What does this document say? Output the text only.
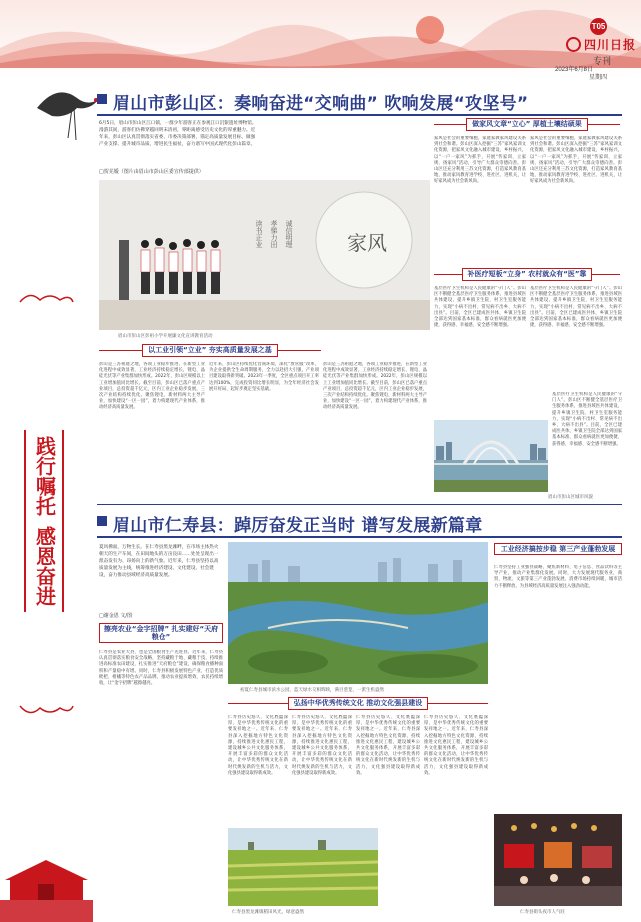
T05
四川日报
专刊
2023年6月8日
星期四
践行嘱托
感恩奋进
眉山市彭山区：奏响奋进“交响曲” 吹响发展“攻坚号”
6月5日，眉山市彭山区江口镇，一群少年游客正在参观江口沉银遗址博物馆。漫游其间，游客们仿佛穿越回明末清初，零距离感受历史文化的厚重魅力。近年来，彭山区认真贯彻落实省委、市委决策部署，锚定高质量发展目标，做强产业支撑、提升城市品质、增进民生福祉，奋力谱写中国式现代化彭山篇章。
□贺芜嫒（图片由眉山市彭山区委宣传部提供）
家风
读书正业 孝悌力田 诚信明理
眉山市彭山区彭祖小学开展廉文化宣讲教育活动
以工业引领“立业” 夯实高质量发展之基
彭山是三苏祖庭之地，各项工业稳步推进，在新型工业化进程中成效显著，工业经济持续稳定增长，锂电、晶硅光伏等产业集群加快形成。2022年，彭山区规模以上工业增加值同比增长。截至目前，彭山区已落户重点产业项目，总投资超千亿元，区内工业企业稳步发展，三次产业结构持续优化。聚焦锂电、新材料两大主导产业，加快建设“一区一园”，着力构建现代产业体系，推动经济高质量发展。
近年来，彭山区持续优化营商环境，深化“放管服”改革，为企业提供全生命周期服务，全力以赴招大引强，产业项目建设取得新突破。2023年一季度，全区重点项目开工率达到100%，完成投资同比增长明显，为全年经济社会发展开好局、起好步奠定坚实基础。
彭山是三苏祖庭之地，各项工业稳步推进，在新型工业化进程中成效显著，工业经济持续稳定增长，锂电、晶硅光伏等产业集群加快形成。2022年，彭山区规模以上工业增加值同比增长。截至目前，彭山区已落户重点产业项目，总投资超千亿元，区内工业企业稳步发展，三次产业结构持续优化。聚焦锂电、新材料两大主导产业，加快建设“一区一园”，着力构建现代产业体系，推动经济高质量发展。
做家风文章“立心” 厚植土壤结硕果
家风是社会的重要细胞，家庭家教家风建设关系到社会和谐。彭山区深入挖掘“三苏”家风家训文化资源，把家风文化融入城市建设、乡村振兴，以“一户一家风”为抓手，开展“传家训、立家规、扬家风”活动，引导广大群众崇德向善。彭山区还充分利用三苏文化资源，打造家风教育基地，推动家风教育进学校、进社区、进机关，让好家风成为社会新风尚。
家风是社会的重要细胞，家庭家教家风建设关系到社会和谐。彭山区深入挖掘“三苏”家风家训文化资源，把家风文化融入城市建设、乡村振兴，以“一户一家风”为抓手，开展“传家训、立家规、扬家风”活动，引导广大群众崇德向善。彭山区还充分利用三苏文化资源，打造家风教育基地，推动家风教育进学校、进社区、进机关，让好家风成为社会新风尚。
补医疗短板“立身” 农村就众有“医”靠
基层医疗卫生机构是人民健康的“守门人”。彭山区不断健全基层医疗卫生服务体系，推进县域医共体建设，提升乡镇卫生院、村卫生室服务能力，实现“小病不出村、常见病不出乡、大病不出县”。目前，全区已建成医共体，乡镇卫生院全部达到国家基本标准，群众看病就医更加便捷，获得感、幸福感、安全感不断增强。
基层医疗卫生机构是人民健康的“守门人”。彭山区不断健全基层医疗卫生服务体系，推进县域医共体建设，提升乡镇卫生院、村卫生室服务能力，实现“小病不出村、常见病不出乡、大病不出县”。目前，全区已建成医共体，乡镇卫生院全部达到国家基本标准，群众看病就医更加便捷，获得感、幸福感、安全感不断增强。
基层医疗卫生机构是人民健康的“守门人”。彭山区不断健全基层医疗卫生服务体系，推进县域医共体建设，提升乡镇卫生院、村卫生室服务能力，实现“小病不出村、常见病不出乡、大病不出县”。目前，全区已建成医共体，乡镇卫生院全部达到国家基本标准，群众看病就医更加便捷，获得感、幸福感、安全感不断增强。
眉山市彭山区城市风貌
眉山市仁寿县：踔厉奋发正当时 谱写发展新篇章
夏风拂面，万物生长。在仁寿县黑龙滩畔，在市场主体热火朝天的生产车间，在田间地头的万亩良田……处处呈现出一派奋发有为、昂扬向上的新气象。近年来，仁寿县坚持以高质量发展为主线，统筹推进经济建设、文化建设、社会建设，奋力推动县域经济高质量发展。
□谢金恩 文/图
初夏仁寿县城市滨水公园，蓝天绿水交相辉映，满目葱茏，一派生机盎然
工业经济搞按步稳 第三产业蓬勃发展
仁寿县坚持工业强县战略，聚焦新材料、电子信息、食品饮料等主导产业，推动产业集群化发展。同时，大力发展现代服务业，商贸、物流、文旅等第三产业蓬勃发展，消费市场持续回暖，城市活力不断释放，为县域经济高质量发展注入强劲动能。
擦亮农业“金字招牌” 扎实建好“天府粮仓”
仁寿县是农业大县，也是全国粮食生产先进县。近年来，仁寿县认真贯彻落实粮食安全战略，坚持藏粮于地、藏粮于技，持续推进高标准农田建设，扎实推进“天府粮仓”建设，确保粮食播种面积和产量稳中有增。同时，仁寿县积极发展特色产业，打造优质枇杷、柑橘等特色农产品品牌，推动农业提质增效、农民持续增收，让“金字招牌”越擦越亮。
弘扬中华优秀传统文化 推动文化强县建设
仁寿县历史悠久、文化底蕴深厚，是中华优秀传统文化的重要发祥地之一。近年来，仁寿县深入挖掘地方特色文化资源，持续推进文化惠民工程，建设城乡公共文化服务体系，开展丰富多彩的群众文化活动，让中华优秀传统文化在新时代焕发新的生机与活力，文化强县建设取得新成效。
仁寿县历史悠久、文化底蕴深厚，是中华优秀传统文化的重要发祥地之一。近年来，仁寿县深入挖掘地方特色文化资源，持续推进文化惠民工程，建设城乡公共文化服务体系，开展丰富多彩的群众文化活动，让中华优秀传统文化在新时代焕发新的生机与活力，文化强县建设取得新成效。
仁寿县历史悠久、文化底蕴深厚，是中华优秀传统文化的重要发祥地之一。近年来，仁寿县深入挖掘地方特色文化资源，持续推进文化惠民工程，建设城乡公共文化服务体系，开展丰富多彩的群众文化活动，让中华优秀传统文化在新时代焕发新的生机与活力，文化强县建设取得新成效。
仁寿县历史悠久、文化底蕴深厚，是中华优秀传统文化的重要发祥地之一。近年来，仁寿县深入挖掘地方特色文化资源，持续推进文化惠民工程，建设城乡公共文化服务体系，开展丰富多彩的群众文化活动，让中华优秀传统文化在新时代焕发新的生机与活力，文化强县建设取得新成效。
仁寿县黑龙滩镇稻田风光，绿意盎然	仁寿县街头夜市人气旺
